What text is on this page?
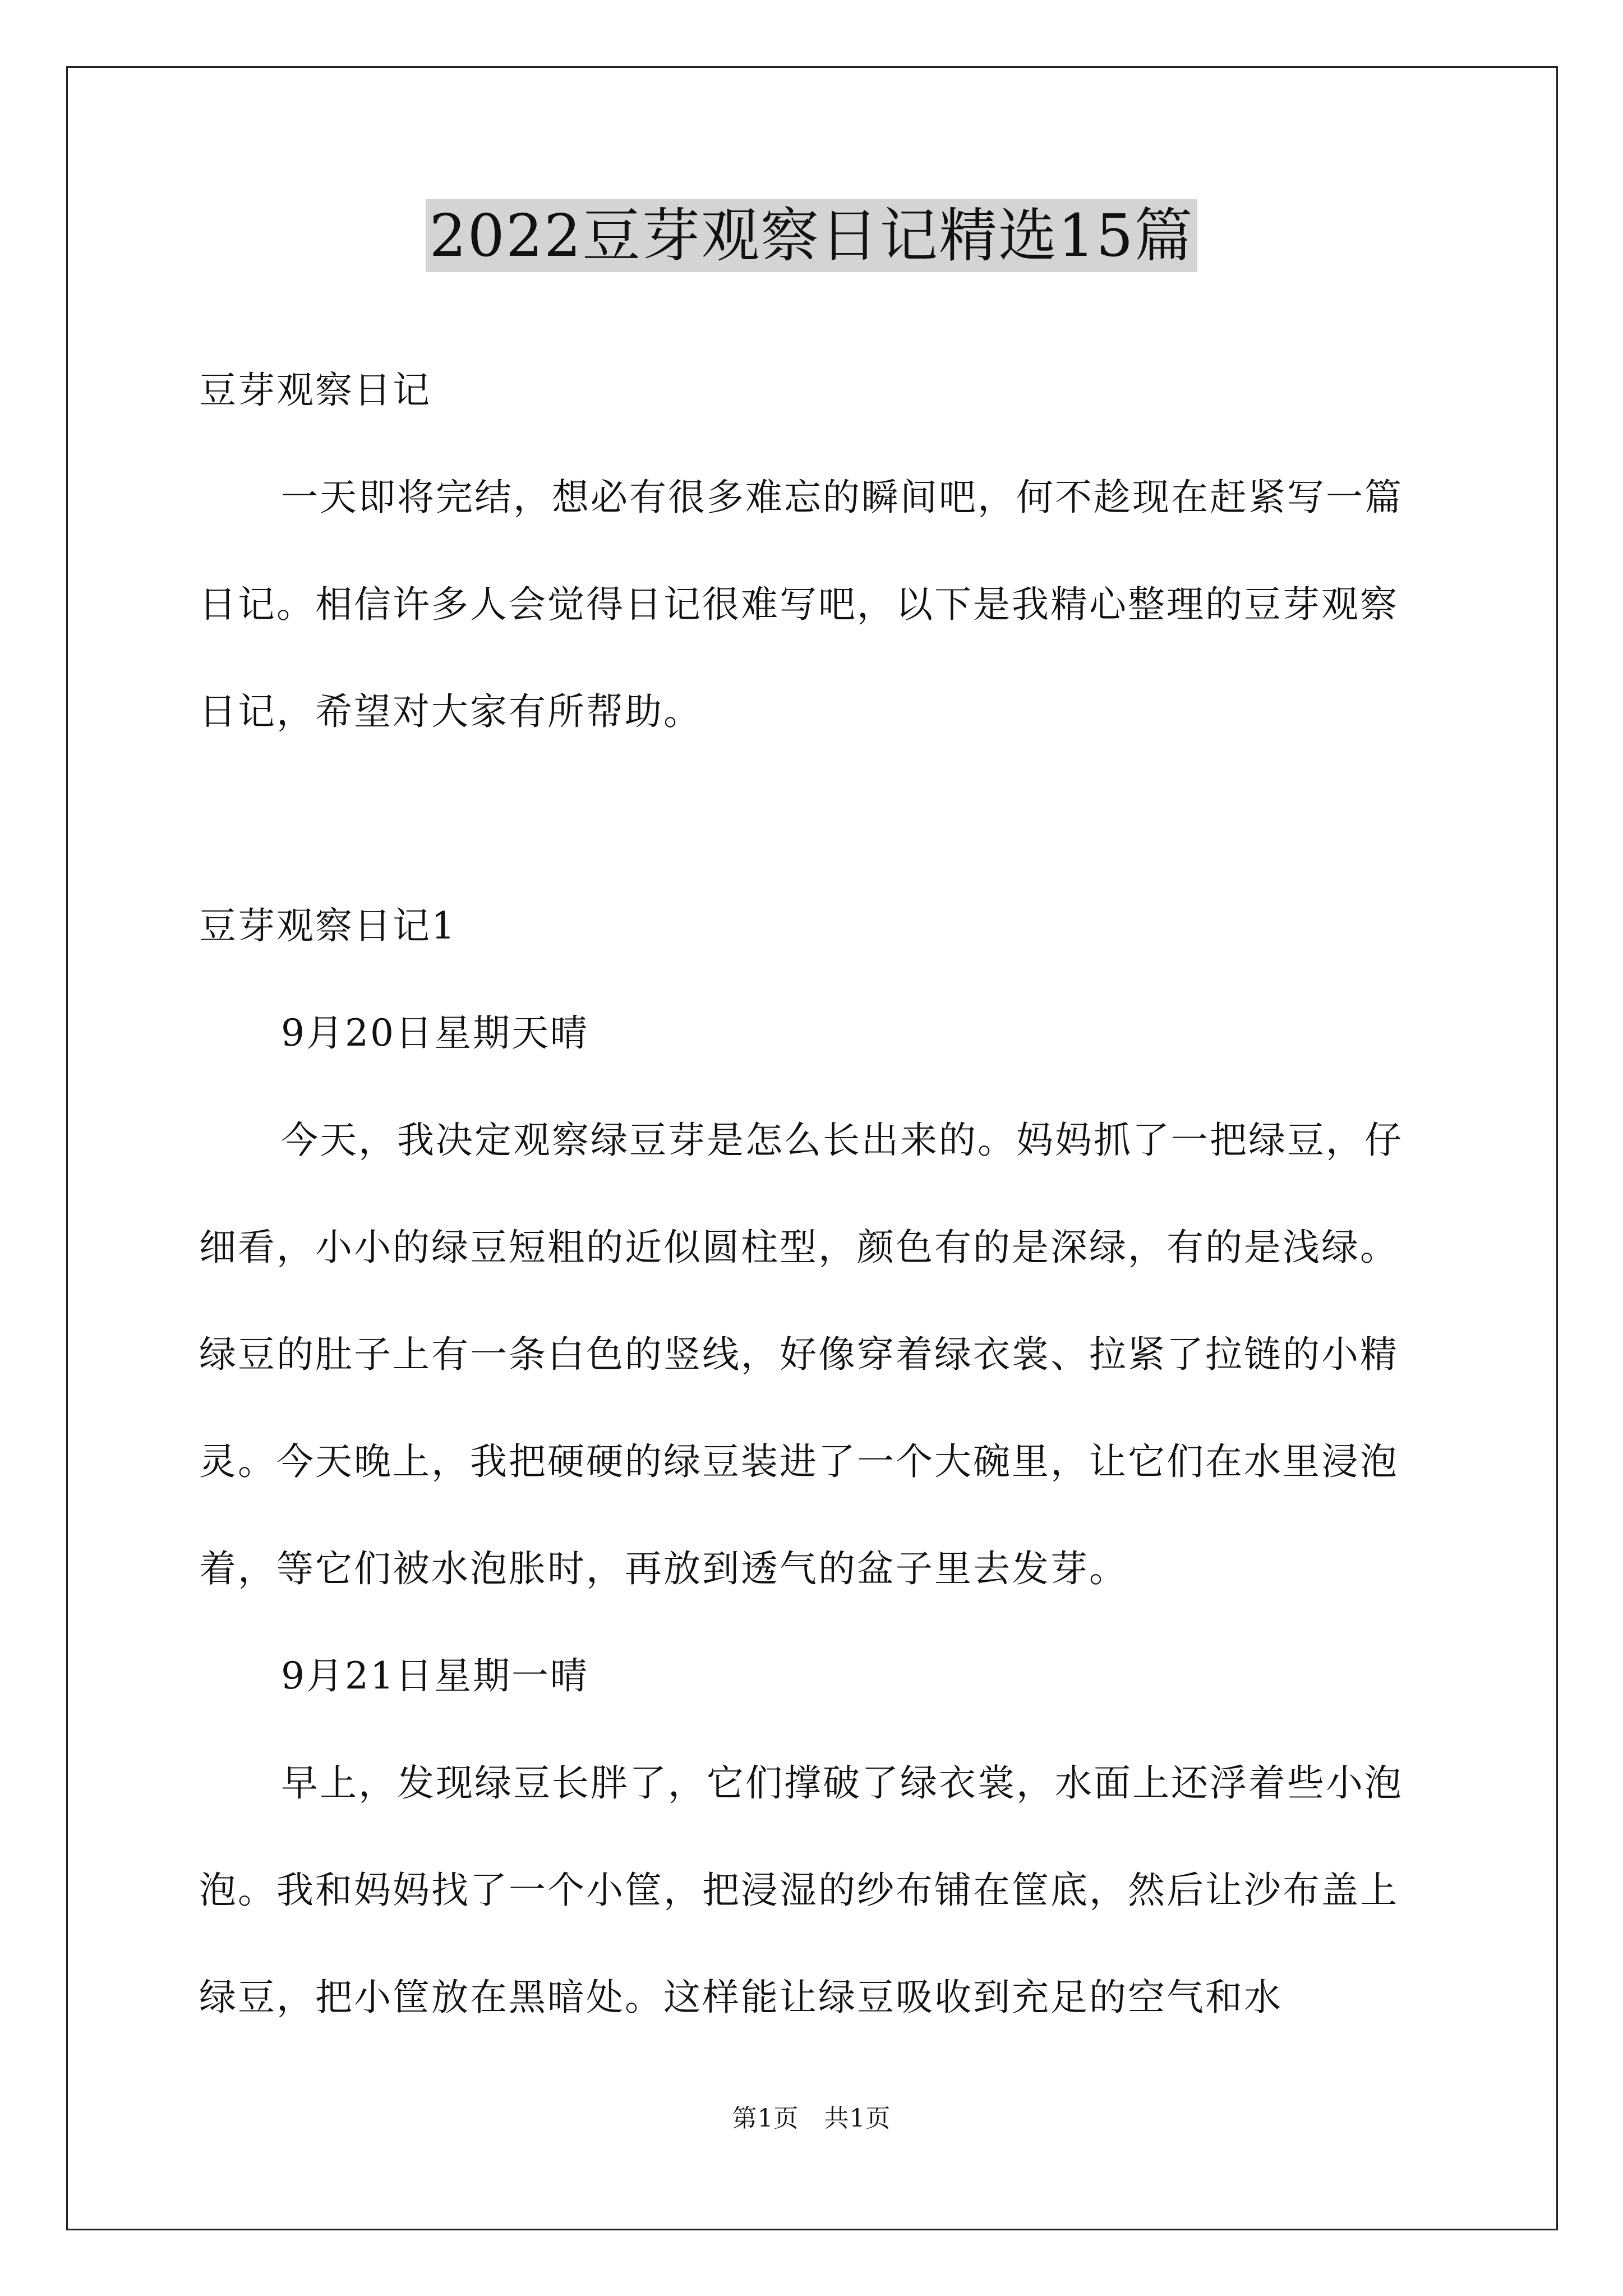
2022豆芽观察日记精选15篇

豆芽观察日记

一天即将完结，想必有很多难忘的瞬间吧，何不趁现在赶紧写一篇日记。相信许多人会觉得日记很难写吧，以下是我精心整理的豆芽观察日记，希望对大家有所帮助。

豆芽观察日记1

9月20日星期天晴

今天，我决定观察绿豆芽是怎么长出来的。妈妈抓了一把绿豆，仔细看，小小的绿豆短粗的近似圆柱型，颜色有的是深绿，有的是浅绿。绿豆的肚子上有一条白色的竖线，好像穿着绿衣裳、拉紧了拉链的小精灵。今天晚上，我把硬硬的绿豆装进了一个大碗里，让它们在水里浸泡着，等它们被水泡胀时，再放到透气的盆子里去发芽。

9月21日星期一晴

早上，发现绿豆长胖了，它们撑破了绿衣裳，水面上还浮着些小泡泡。我和妈妈找了一个小筐，把浸湿的纱布铺在筐底，然后让沙布盖上绿豆，把小筐放在黑暗处。这样能让绿豆吸收到充足的空气和水

第1页　共1页
